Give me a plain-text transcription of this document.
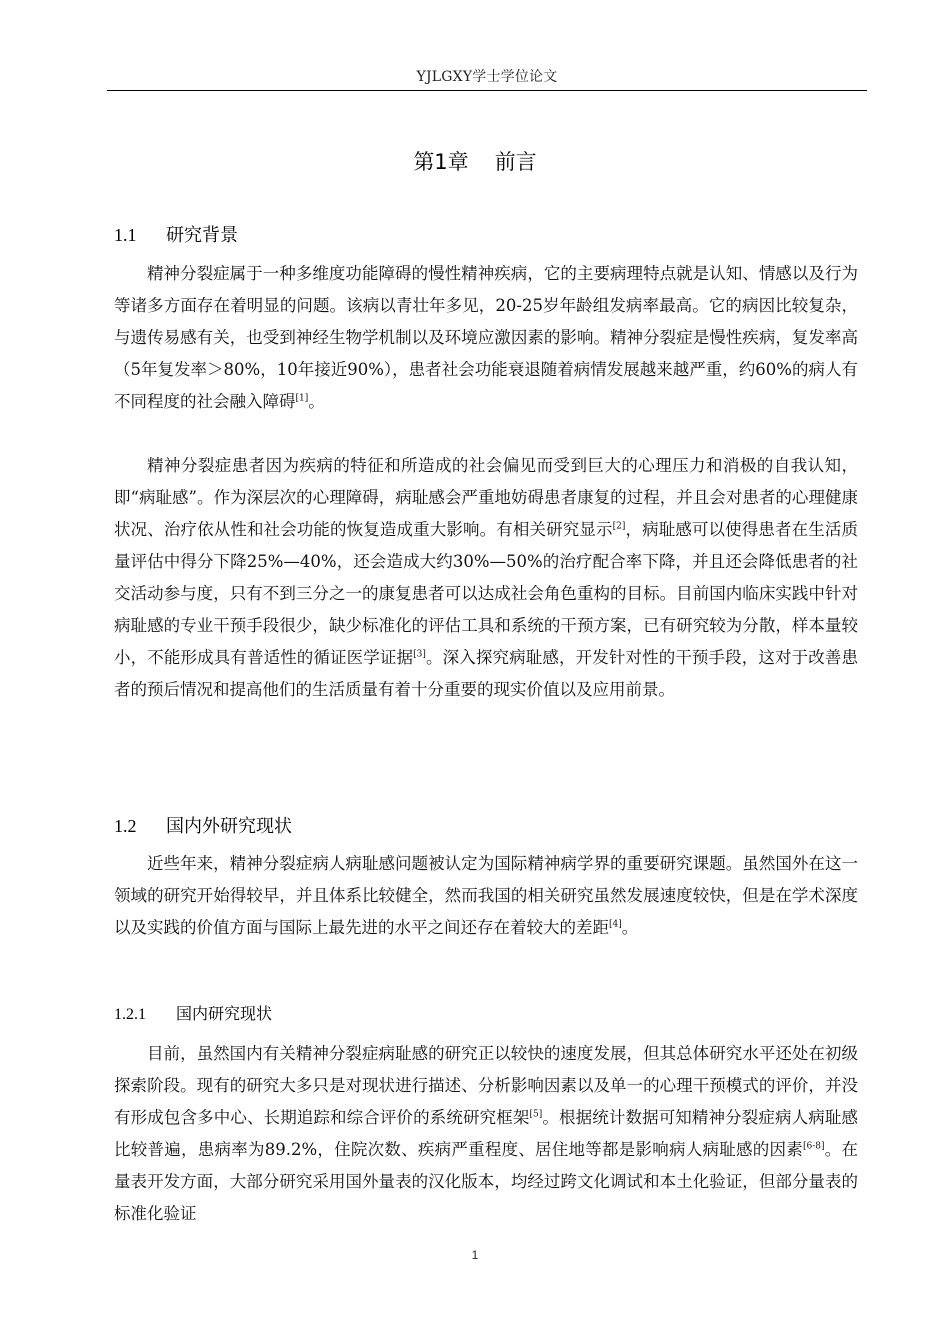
YJLGXY学士学位论文
第1章 前言
1.1 研究背景

精神分裂症属于一种多维度功能障碍的慢性精神疾病，它的主要病理特点就是认知、情感以及行为等诸多方面存在着明显的问题。该病以青壮年多见，20-25岁年龄组发病率最高。它的病因比较复杂，与遗传易感有关，也受到神经生物学机制以及环境应激因素的影响。精神分裂症是慢性疾病，复发率高（5年复发率＞80%，10年接近90%），患者社会功能衰退随着病情发展越来越严重，约60%的病人有不同程度的社会融入障碍[1]。

精神分裂症患者因为疾病的特征和所造成的社会偏见而受到巨大的心理压力和消极的自我认知，即“病耻感”。作为深层次的心理障碍，病耻感会严重地妨碍患者康复的过程，并且会对患者的心理健康状况、治疗依从性和社会功能的恢复造成重大影响。有相关研究显示[2]，病耻感可以使得患者在生活质量评估中得分下降25%—40%，还会造成大约30%—50%的治疗配合率下降，并且还会降低患者的社交活动参与度，只有不到三分之一的康复患者可以达成社会角色重构的目标。目前国内临床实践中针对病耻感的专业干预手段很少，缺少标准化的评估工具和系统的干预方案，已有研究较为分散，样本量较小，不能形成具有普适性的循证医学证据[3]。深入探究病耻感，开发针对性的干预手段，这对于改善患者的预后情况和提高他们的生活质量有着十分重要的现实价值以及应用前景。

1.2 国内外研究现状

近些年来，精神分裂症病人病耻感问题被认定为国际精神病学界的重要研究课题。虽然国外在这一领域的研究开始得较早，并且体系比较健全，然而我国的相关研究虽然发展速度较快，但是在学术深度以及实践的价值方面与国际上最先进的水平之间还存在着较大的差距[4]。

1.2.1 国内研究现状

目前，虽然国内有关精神分裂症病耻感的研究正以较快的速度发展，但其总体研究水平还处在初级探索阶段。现有的研究大多只是对现状进行描述、分析影响因素以及单一的心理干预模式的评价，并没有形成包含多中心、长期追踪和综合评价的系统研究框架[5]。根据统计数据可知精神分裂症病人病耻感比较普遍，患病率为89.2%，住院次数、疾病严重程度、居住地等都是影响病人病耻感的因素[6-8]。在量表开发方面，大部分研究采用国外量表的汉化版本，均经过跨文化调试和本土化验证，但部分量表的标准化验证

1
